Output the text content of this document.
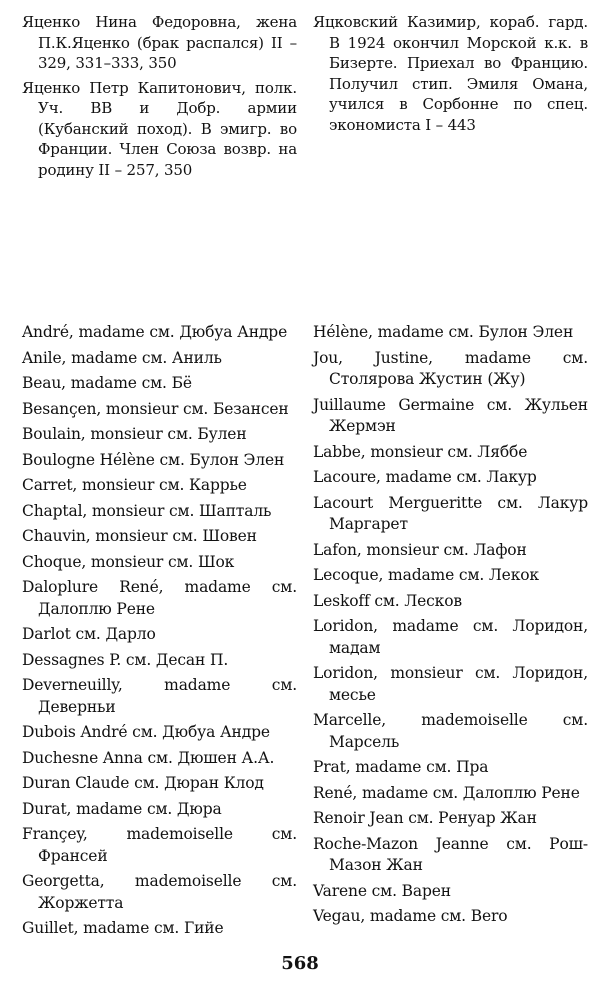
Яценко Нина Федоровна, жена П.К.Яценко (брак распался) II – 329, 331–333, 350

Яценко Петр Капитонович, полк. Уч. ВВ и Добр. армии (Кубанский поход). В эмигр. во Франции. Член Союза возвр. на родину II – 257, 350

Яцковский Казимир, кораб. гард. В 1924 окончил Морской к.к. в Бизерте. Приехал во Францию. Получил стип. Эмиля Омана, учился в Сорбонне по спец. экономиста I – 443

André, madame см. Дюбуа Андре

Anile, madame см. Аниль

Beau, madame см. Бё

Besançen, monsieur см. Безансен

Boulain, monsieur см. Булен

Boulogne Hélène см. Булон Элен

Carret, monsieur см. Каррье

Chaptal, monsieur см. Шапталь

Chauvin, monsieur см. Шовен

Choque, monsieur см. Шок

Daloplure René, madame см. Далоплю Рене

Darlot см. Дарло

Dessagnes P. см. Десан П.

Deverneuilly, madame см. Деверньи

Dubois André см. Дюбуа Андре

Duchesne Anna см. Дюшен А.А.

Duran Claude см. Дюран Клод

Durat, madame см. Дюра

Françey, mademoiselle см. Франсей

Georgetta, mademoiselle см. Жоржетта

Guillet, madame см. Гийе

Hélène, madame см. Булон Элен

Jou, Justine, madame см. Столярова Жустин (Жу)

Juillaume Germaine см. Жульен Жермэн

Labbe, monsieur см. Ляббе

Lacoure, madame см. Лакур

Lacourt Merguerittе см. Лакур Маргарет

Lafon, monsieur см. Лафон

Lecoque, madame см. Лекок

Leskoff см. Лесков

Loridon, madame см. Лоридон, мадам

Loridon, monsieur см. Лоридон, месье

Marcelle, mademoiselle см. Марсель

Prat, madame см. Пра

René, madame см. Далоплю Рене

Renoir Jean см. Ренуар Жан

Roche-Mazon Jeanne см. Рош-Мазон Жан

Varene см. Варен

Vegau, madame см. Веrо

568
